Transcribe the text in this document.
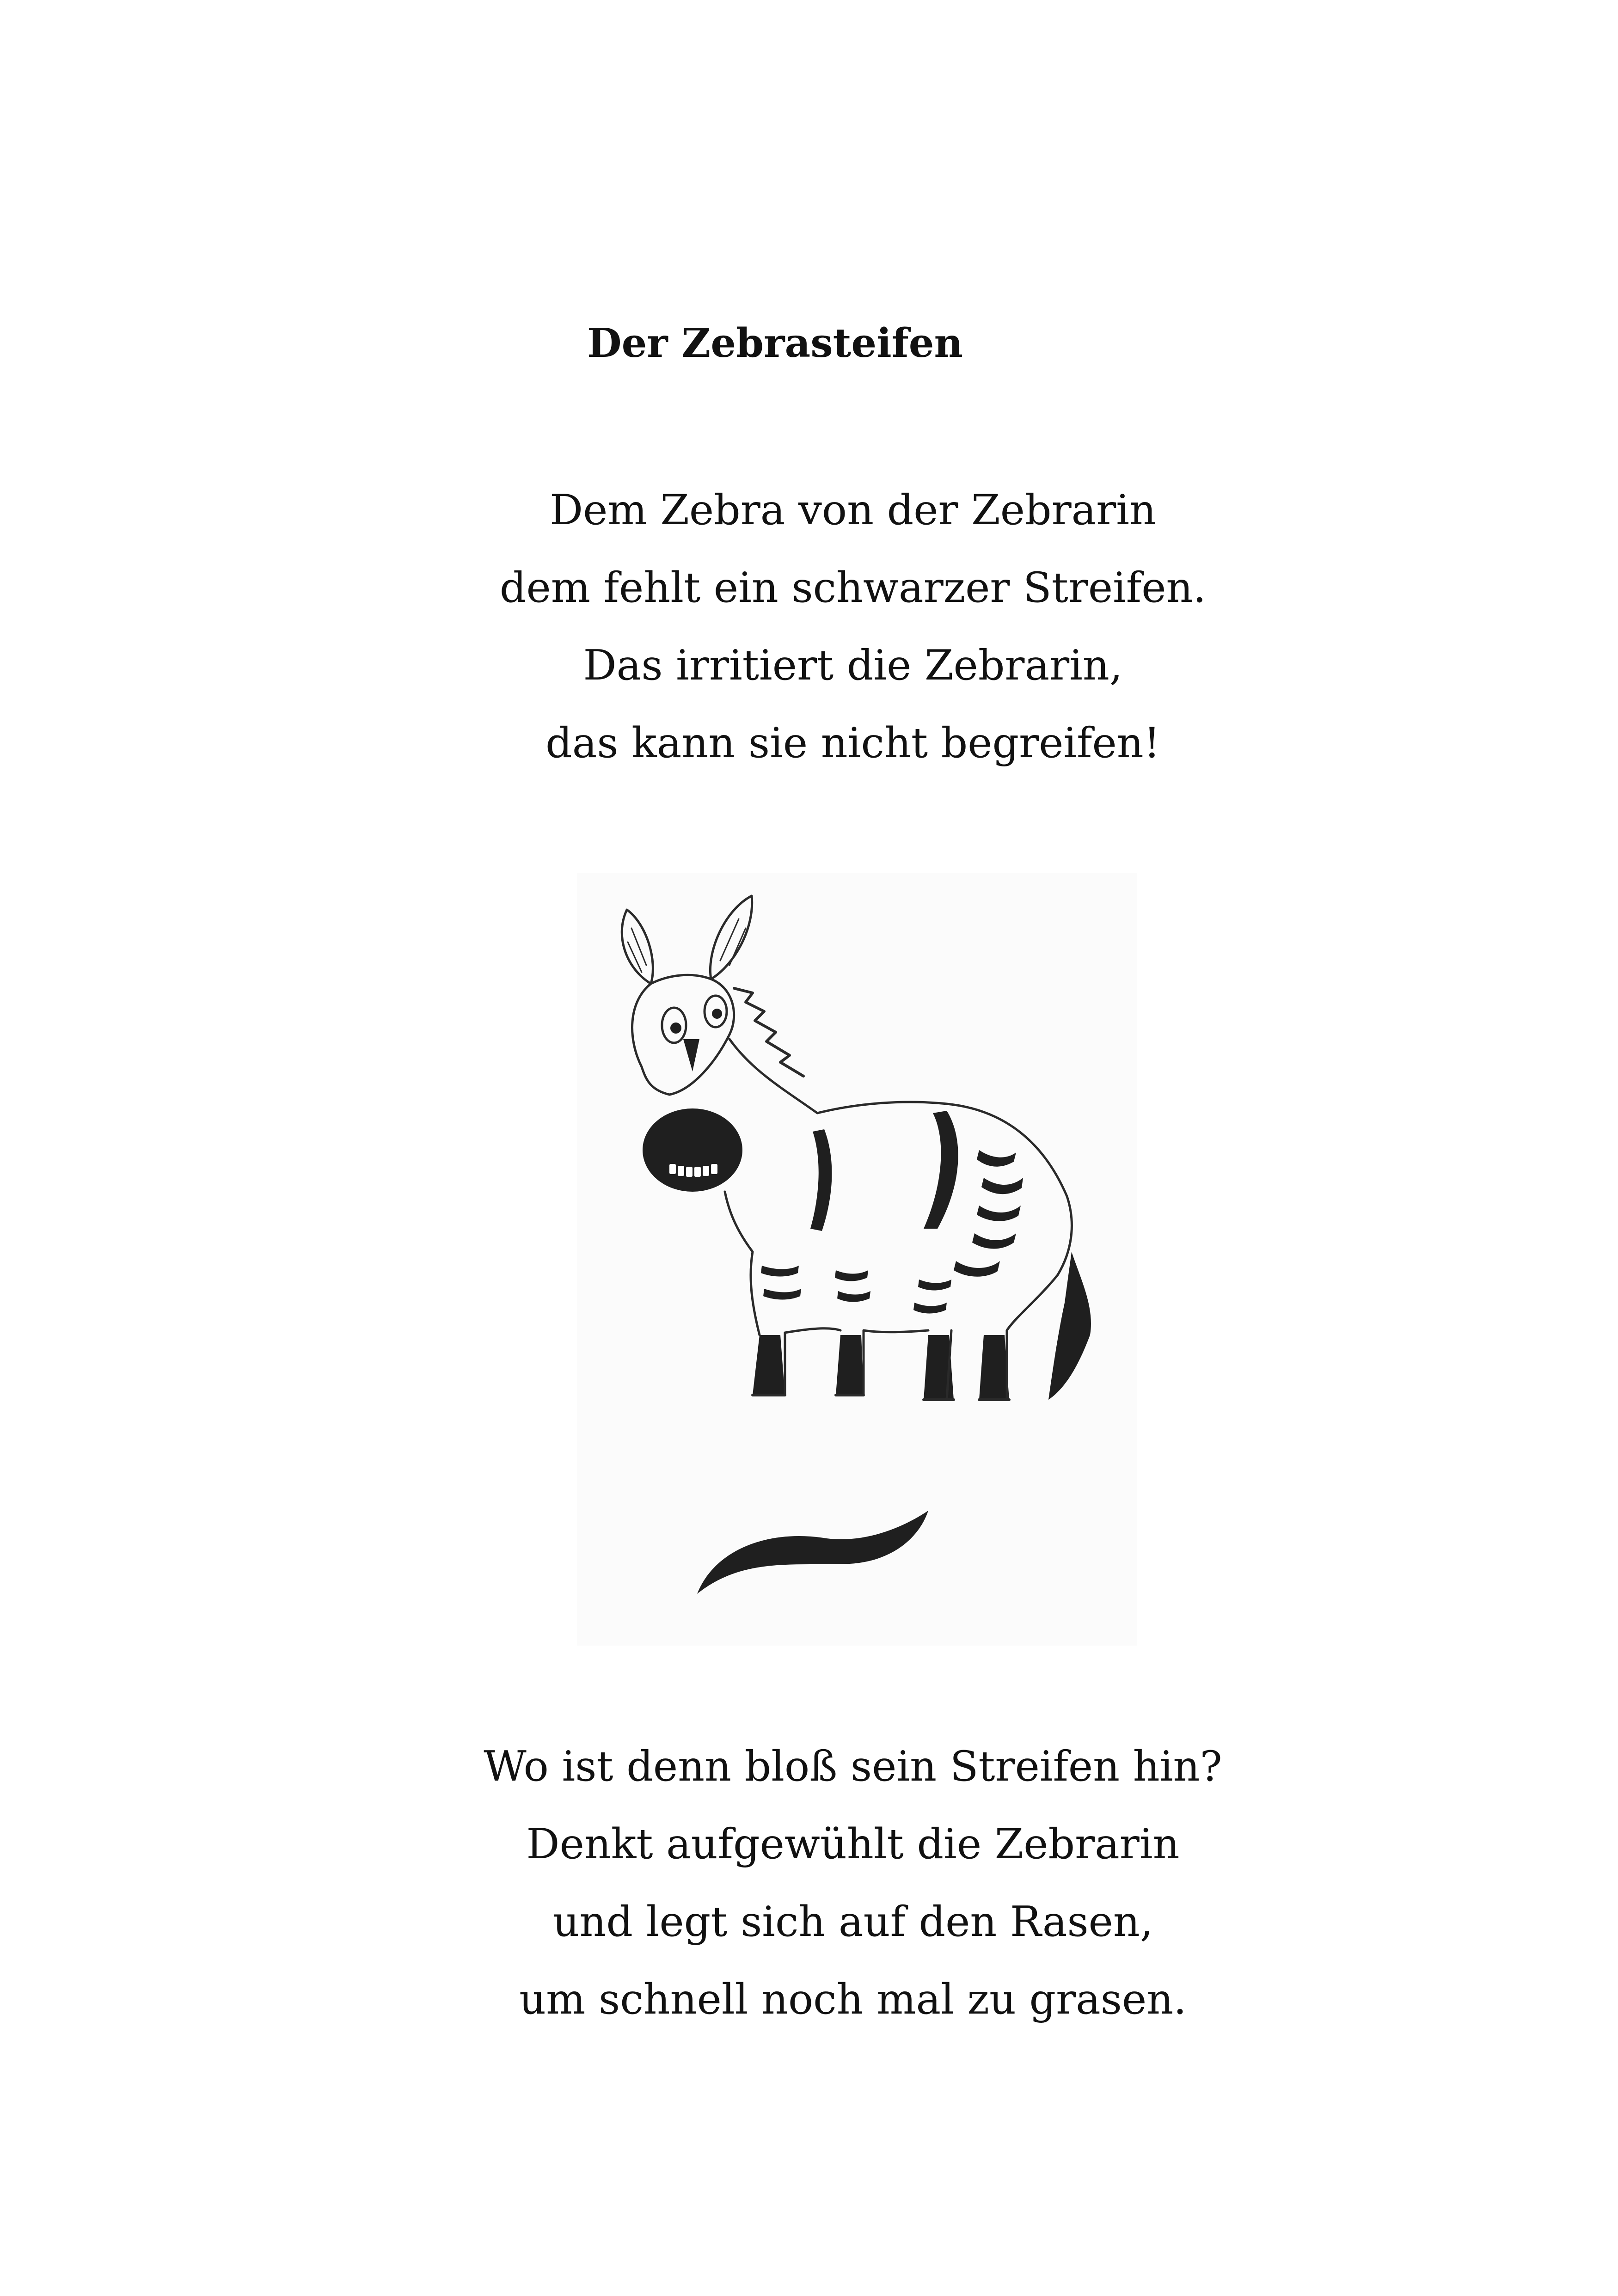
Der Zebrasteifen

Dem Zebra von der Zebrarin
dem fehlt ein schwarzer Streifen.
Das irritiert die Zebrarin,
das kann sie nicht begreifen!

Wo ist denn bloß sein Streifen hin?
Denkt aufgewühlt die Zebrarin
und legt sich auf den Rasen,
um schnell noch mal zu grasen.
